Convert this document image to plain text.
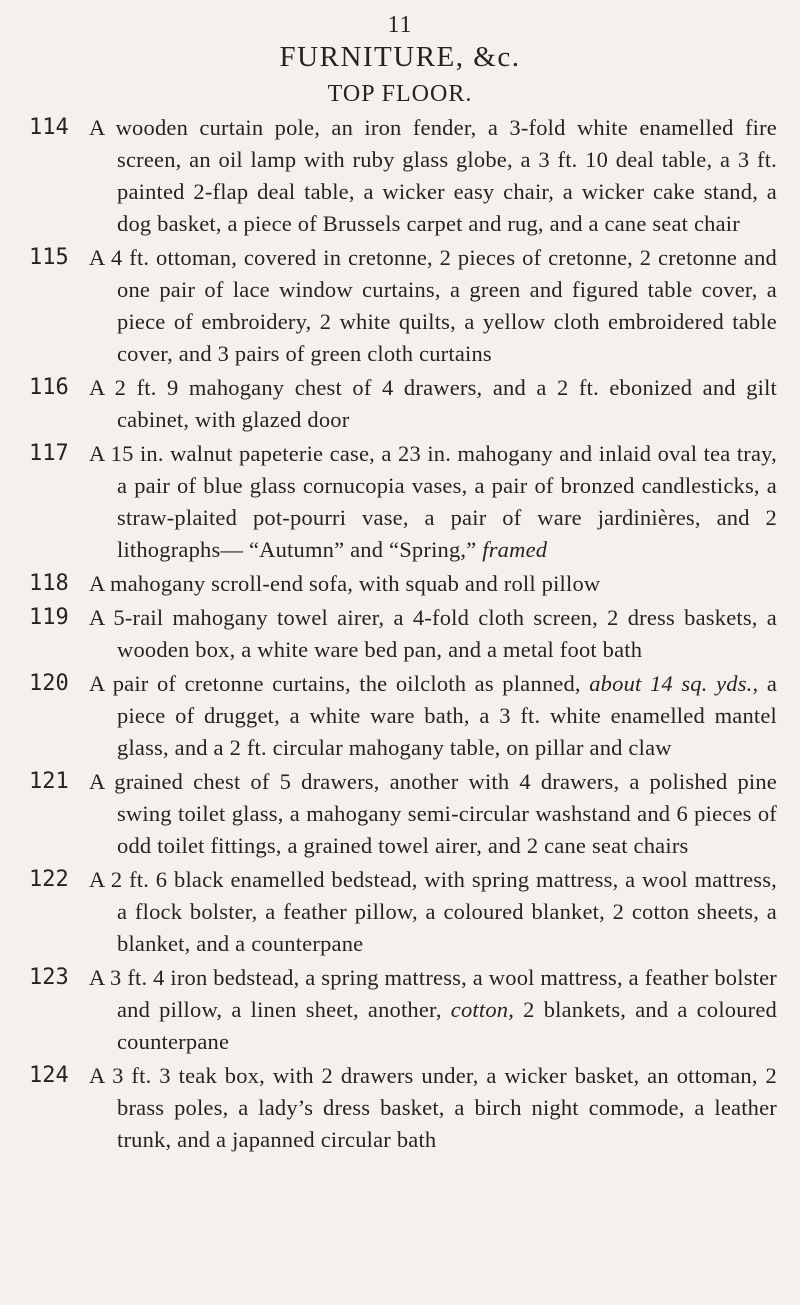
11
FURNITURE, &c.
TOP FLOOR.
114 A wooden curtain pole, an iron fender, a 3-fold white enamelled fire screen, an oil lamp with ruby glass globe, a 3 ft. 10 deal table, a 3 ft. painted 2-flap deal table, a wicker easy chair, a wicker cake stand, a dog basket, a piece of Brussels carpet and rug, and a cane seat chair
115 A 4 ft. ottoman, covered in cretonne, 2 pieces of cretonne, 2 cretonne and one pair of lace window curtains, a green and figured table cover, a piece of embroidery, 2 white quilts, a yellow cloth embroidered table cover, and 3 pairs of green cloth curtains
116 A 2 ft. 9 mahogany chest of 4 drawers, and a 2 ft. ebonized and gilt cabinet, with glazed door
117 A 15 in. walnut papeterie case, a 23 in. mahogany and inlaid oval tea tray, a pair of blue glass cornucopia vases, a pair of bronzed candlesticks, a straw-plaited pot-pourri vase, a pair of ware jardinières, and 2 lithographs— “Autumn” and “Spring,” framed
118 A mahogany scroll-end sofa, with squab and roll pillow
119 A 5-rail mahogany towel airer, a 4-fold cloth screen, 2 dress baskets, a wooden box, a white ware bed pan, and a metal foot bath
120 A pair of cretonne curtains, the oilcloth as planned, about 14 sq. yds., a piece of drugget, a white ware bath, a 3 ft. white enamelled mantel glass, and a 2 ft. circular mahogany table, on pillar and claw
121 A grained chest of 5 drawers, another with 4 drawers, a polished pine swing toilet glass, a mahogany semi-circular washstand and 6 pieces of odd toilet fittings, a grained towel airer, and 2 cane seat chairs
122 A 2 ft. 6 black enamelled bedstead, with spring mattress, a wool mattress, a flock bolster, a feather pillow, a coloured blanket, 2 cotton sheets, a blanket, and a counterpane
123 A 3 ft. 4 iron bedstead, a spring mattress, a wool mattress, a feather bolster and pillow, a linen sheet, another, cotton, 2 blankets, and a coloured counterpane
124 A 3 ft. 3 teak box, with 2 drawers under, a wicker basket, an ottoman, 2 brass poles, a lady’s dress basket, a birch night commode, a leather trunk, and a japanned circular bath
